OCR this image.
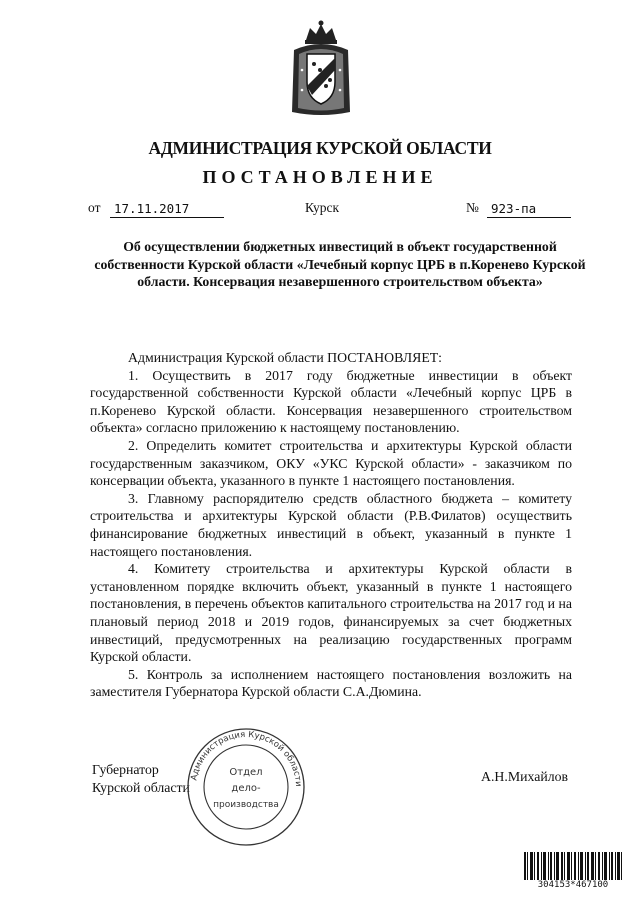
АДМИНИСТРАЦИЯ КУРСКОЙ ОБЛАСТИ
ПОСТАНОВЛЕНИЕ
от	17.11.2017	Курск	№ 923-па
Об осуществлении бюджетных инвестиций в объект государственной собственности Курской области «Лечебный корпус ЦРБ в п.Коренево Курской области. Консервация незавершенного строительством объекта»

Администрация Курской области ПОСТАНОВЛЯЕТ:

1. Осуществить в 2017 году бюджетные инвестиции в объект государственной собственности Курской области «Лечебный корпус ЦРБ в п.Коренево Курской области. Консервация незавершенного строительством объекта» согласно приложению к настоящему постановлению.

2. Определить комитет строительства и архитектуры Курской области государственным заказчиком, ОКУ «УКС Курской области» - заказчиком по консервации объекта, указанного в пункте 1 настоящего постановления.

3. Главному распорядителю средств областного бюджета – комитету строительства и архитектуры Курской области (Р.В.Филатов) осуществить финансирование бюджетных инвестиций в объект, указанный в пункте 1 настоящего постановления.

4. Комитету строительства и архитектуры Курской области в установленном порядке включить объект, указанный в пункте 1 настоящего постановления, в перечень объектов капитального строительства на 2017 год и на плановый период 2018 и 2019 годов, финансируемых за счет бюджетных инвестиций, предусмотренных на реализацию государственных программ Курской области.

5. Контроль за исполнением настоящего постановления возложить на заместителя Губернатора Курской области С.А.Дюмина.

Губернатор
Курской области
А.Н.Михайлов
Администрация Курской области
Отдел
дело-
производства
304153*467100
